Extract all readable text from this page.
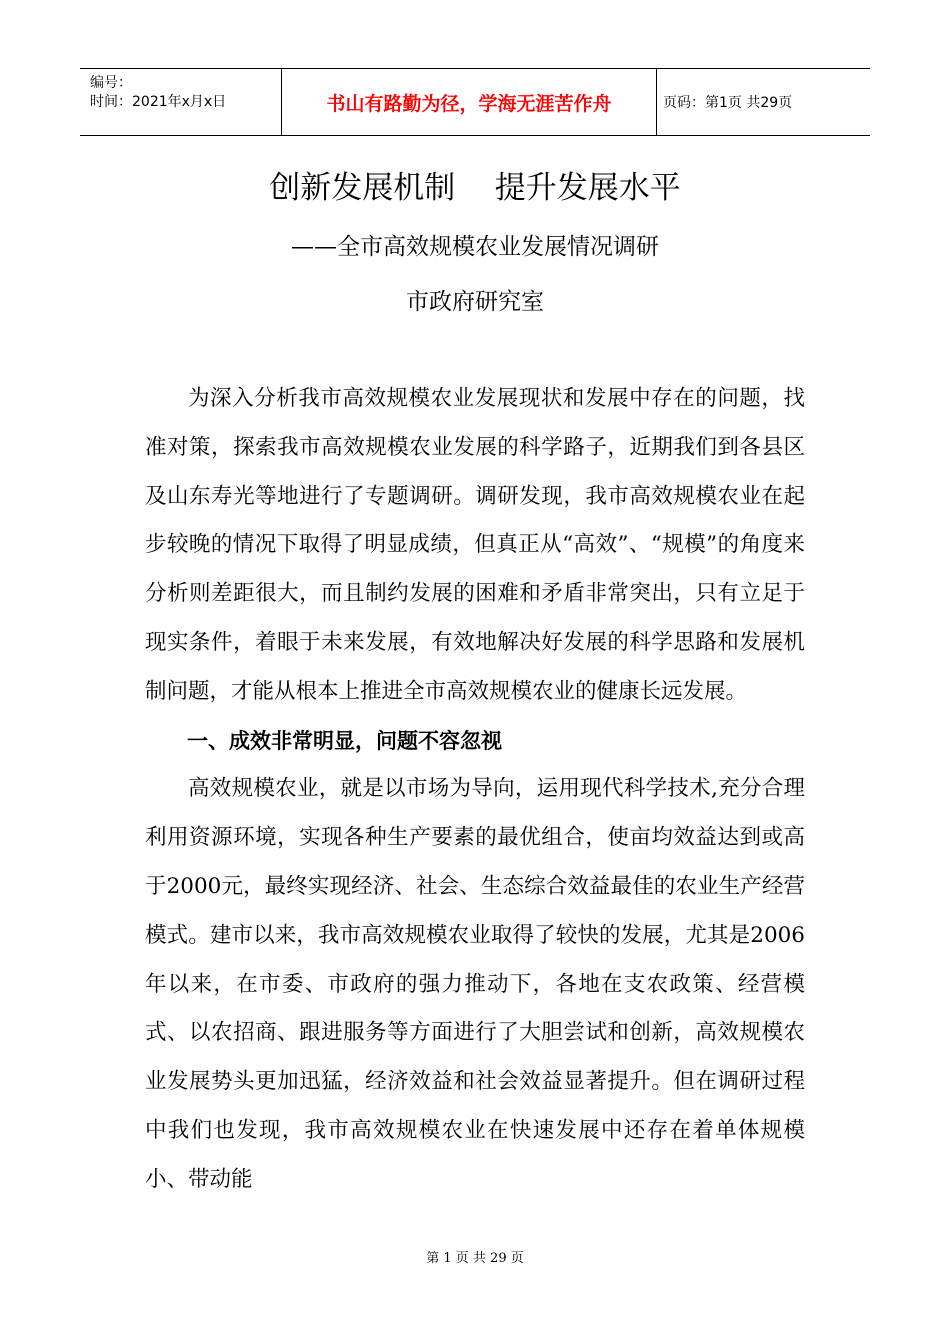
编号：
时间：2021年x月x日	书山有路勤为径，学海无涯苦作舟	页码：第1页 共29页
创新发展机制    提升发展水平
——全市高效规模农业发展情况调研
市政府研究室

为深入分析我市高效规模农业发展现状和发展中存在的问题，找准对策，探索我市高效规模农业发展的科学路子，近期我们到各县区及山东寿光等地进行了专题调研。调研发现，我市高效规模农业在起步较晚的情况下取得了明显成绩，但真正从“高效”、“规模”的角度来分析则差距很大，而且制约发展的困难和矛盾非常突出，只有立足于现实条件，着眼于未来发展，有效地解决好发展的科学思路和发展机制问题，才能从根本上推进全市高效规模农业的健康长远发展。

一、成效非常明显，问题不容忽视

高效规模农业，就是以市场为导向，运用现代科学技术,充分合理利用资源环境，实现各种生产要素的最优组合，使亩均效益达到或高于2000元，最终实现经济、社会、生态综合效益最佳的农业生产经营模式。建市以来，我市高效规模农业取得了较快的发展，尤其是2006年以来，在市委、市政府的强力推动下，各地在支农政策、经营模式、以农招商、跟进服务等方面进行了大胆尝试和创新，高效规模农业发展势头更加迅猛，经济效益和社会效益显著提升。但在调研过程中我们也发现，我市高效规模农业在快速发展中还存在着单体规模小、带动能

第 1 页 共 29 页
